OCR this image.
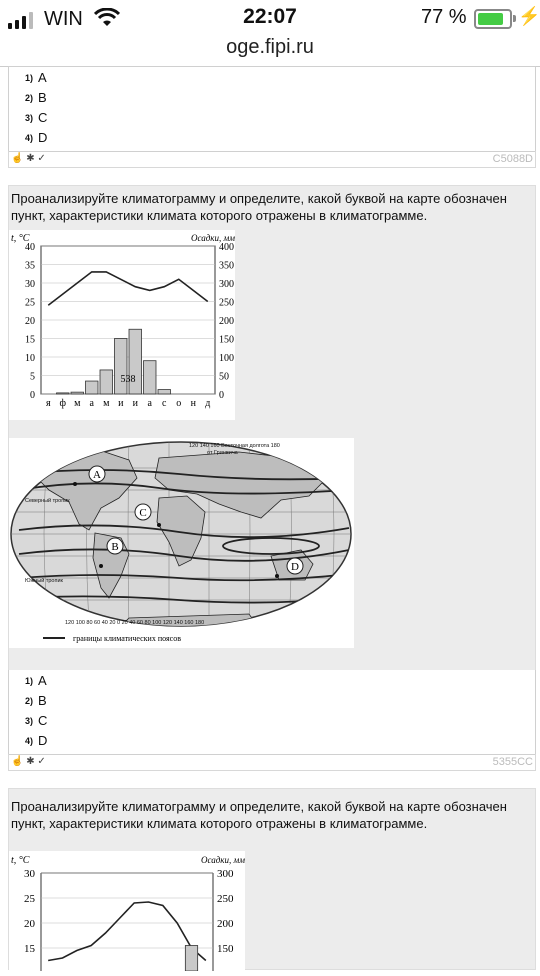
WIN	22:07	77 %	⚡
oge.fipi.ru
1) A
2) B
3) C
4) D
☝ ✱ ✓	C5088D
Проанализируйте климатограмму и определите, какой буквой на карте обозначен пункт, характеристики климата которого отражены в климатограмме.
t, °C	Осадки, мм
40	400
35	350
30	300
25	250
20	200
15	150
10	100
5	50
0	0
я ф м а м и и а с о н д
538
A
B
C
D
120 140 160 Восточная долгота 180
от Гринвича
Северный тропик
Южный тропик
120 100 80 60 40 20 0 20 40 60 80 100 120 140 160 180
границы климатических поясов
1) A
2) B
3) C
4) D
☝ ✱ ✓	5355CC
Проанализируйте климатограмму и определите, какой буквой на карте обозначен пункт, характеристики климата которого отражены в климатограмме.
t, °C	Осадки, мм
30	300
25	250
20	200
15	150
